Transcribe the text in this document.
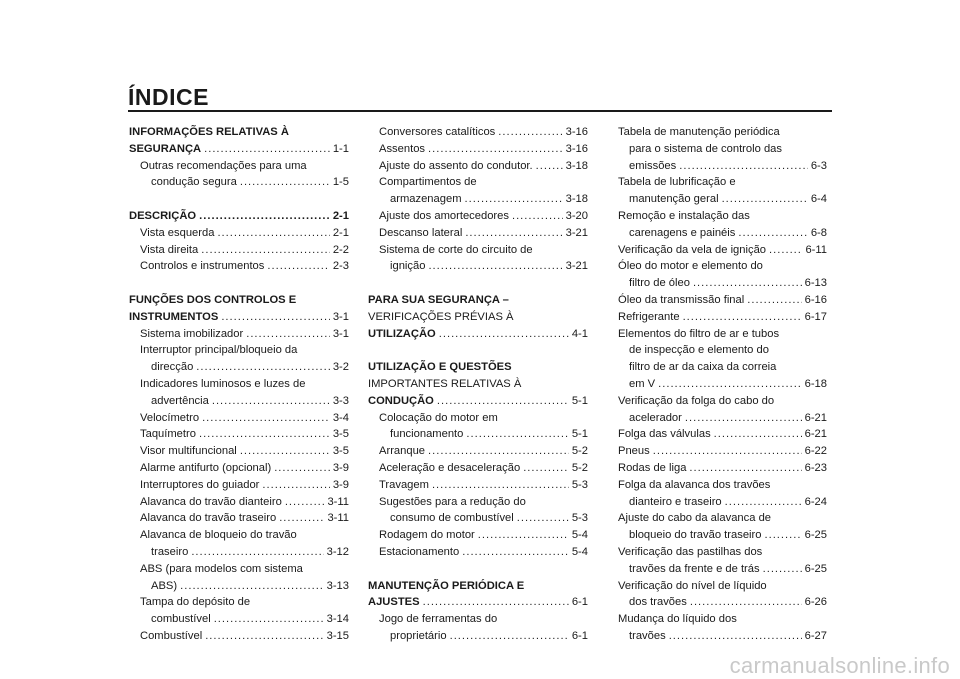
ÍNDICE
INFORMAÇÕES RELATIVAS À
SEGURANÇA .....	1-1
Outras recomendações para uma
condução segura .....	1-5
DESCRIÇÃO .....	2-1
Vista esquerda .....	2-1
Vista direita .....	2-2
Controlos e instrumentos .....	2-3
FUNÇÕES DOS CONTROLOS E
INSTRUMENTOS .....	3-1
Sistema imobilizador .....	3-1
Interruptor principal/bloqueio da
direcção .....	3-2
Indicadores luminosos e luzes de
advertência .....	3-3
Velocímetro .....	3-4
Taquímetro .....	3-5
Visor multifuncional .....	3-5
Alarme antifurto (opcional) .....	3-9
Interruptores do guiador .....	3-9
Alavanca do travão dianteiro .....	3-11
Alavanca do travão traseiro .....	3-11
Alavanca de bloqueio do travão
traseiro .....	3-12
ABS (para modelos com sistema
ABS) .....	3-13
Tampa do depósito de
combustível .....	3-14
Combustível .....	3-15
Conversores catalíticos .....	3-16
Assentos .....	3-16
Ajuste do assento do condutor. .....	3-18
Compartimentos de
armazenagem .....	3-18
Ajuste dos amortecedores .....	3-20
Descanso lateral .....	3-21
Sistema de corte do circuito de
ignição .....	3-21
PARA SUA SEGURANÇA –
VERIFICAÇÕES PRÉVIAS À
UTILIZAÇÃO .....	4-1
UTILIZAÇÃO E QUESTÕES
IMPORTANTES RELATIVAS À
CONDUÇÃO .....	5-1
Colocação do motor em
funcionamento .....	5-1
Arranque .....	5-2
Aceleração e desaceleração .....	5-2
Travagem .....	5-3
Sugestões para a redução do
consumo de combustível .....	5-3
Rodagem do motor .....	5-4
Estacionamento .....	5-4
MANUTENÇÃO PERIÓDICA E
AJUSTES .....	6-1
Jogo de ferramentas do
proprietário .....	6-1
Tabela de manutenção periódica
para o sistema de controlo das
emissões .....	6-3
Tabela de lubrificação e
manutenção geral .....	6-4
Remoção e instalação das
carenagens e painéis .....	6-8
Verificação da vela de ignição .....	6-11
Óleo do motor e elemento do
filtro de óleo .....	6-13
Óleo da transmissão final .....	6-16
Refrigerante .....	6-17
Elementos do filtro de ar e tubos
de inspecção e elemento do
filtro de ar da caixa da correia
em V .....	6-18
Verificação da folga do cabo do
acelerador .....	6-21
Folga das válvulas .....	6-21
Pneus .....	6-22
Rodas de liga .....	6-23
Folga da alavanca dos travões
dianteiro e traseiro .....	6-24
Ajuste do cabo da alavanca de
bloqueio do travão traseiro .....	6-25
Verificação das pastilhas dos
travões da frente e de trás .....	6-25
Verificação do nível de líquido
dos travões .....	6-26
Mudança do líquido dos
travões .....	6-27
carmanualsonline.info
